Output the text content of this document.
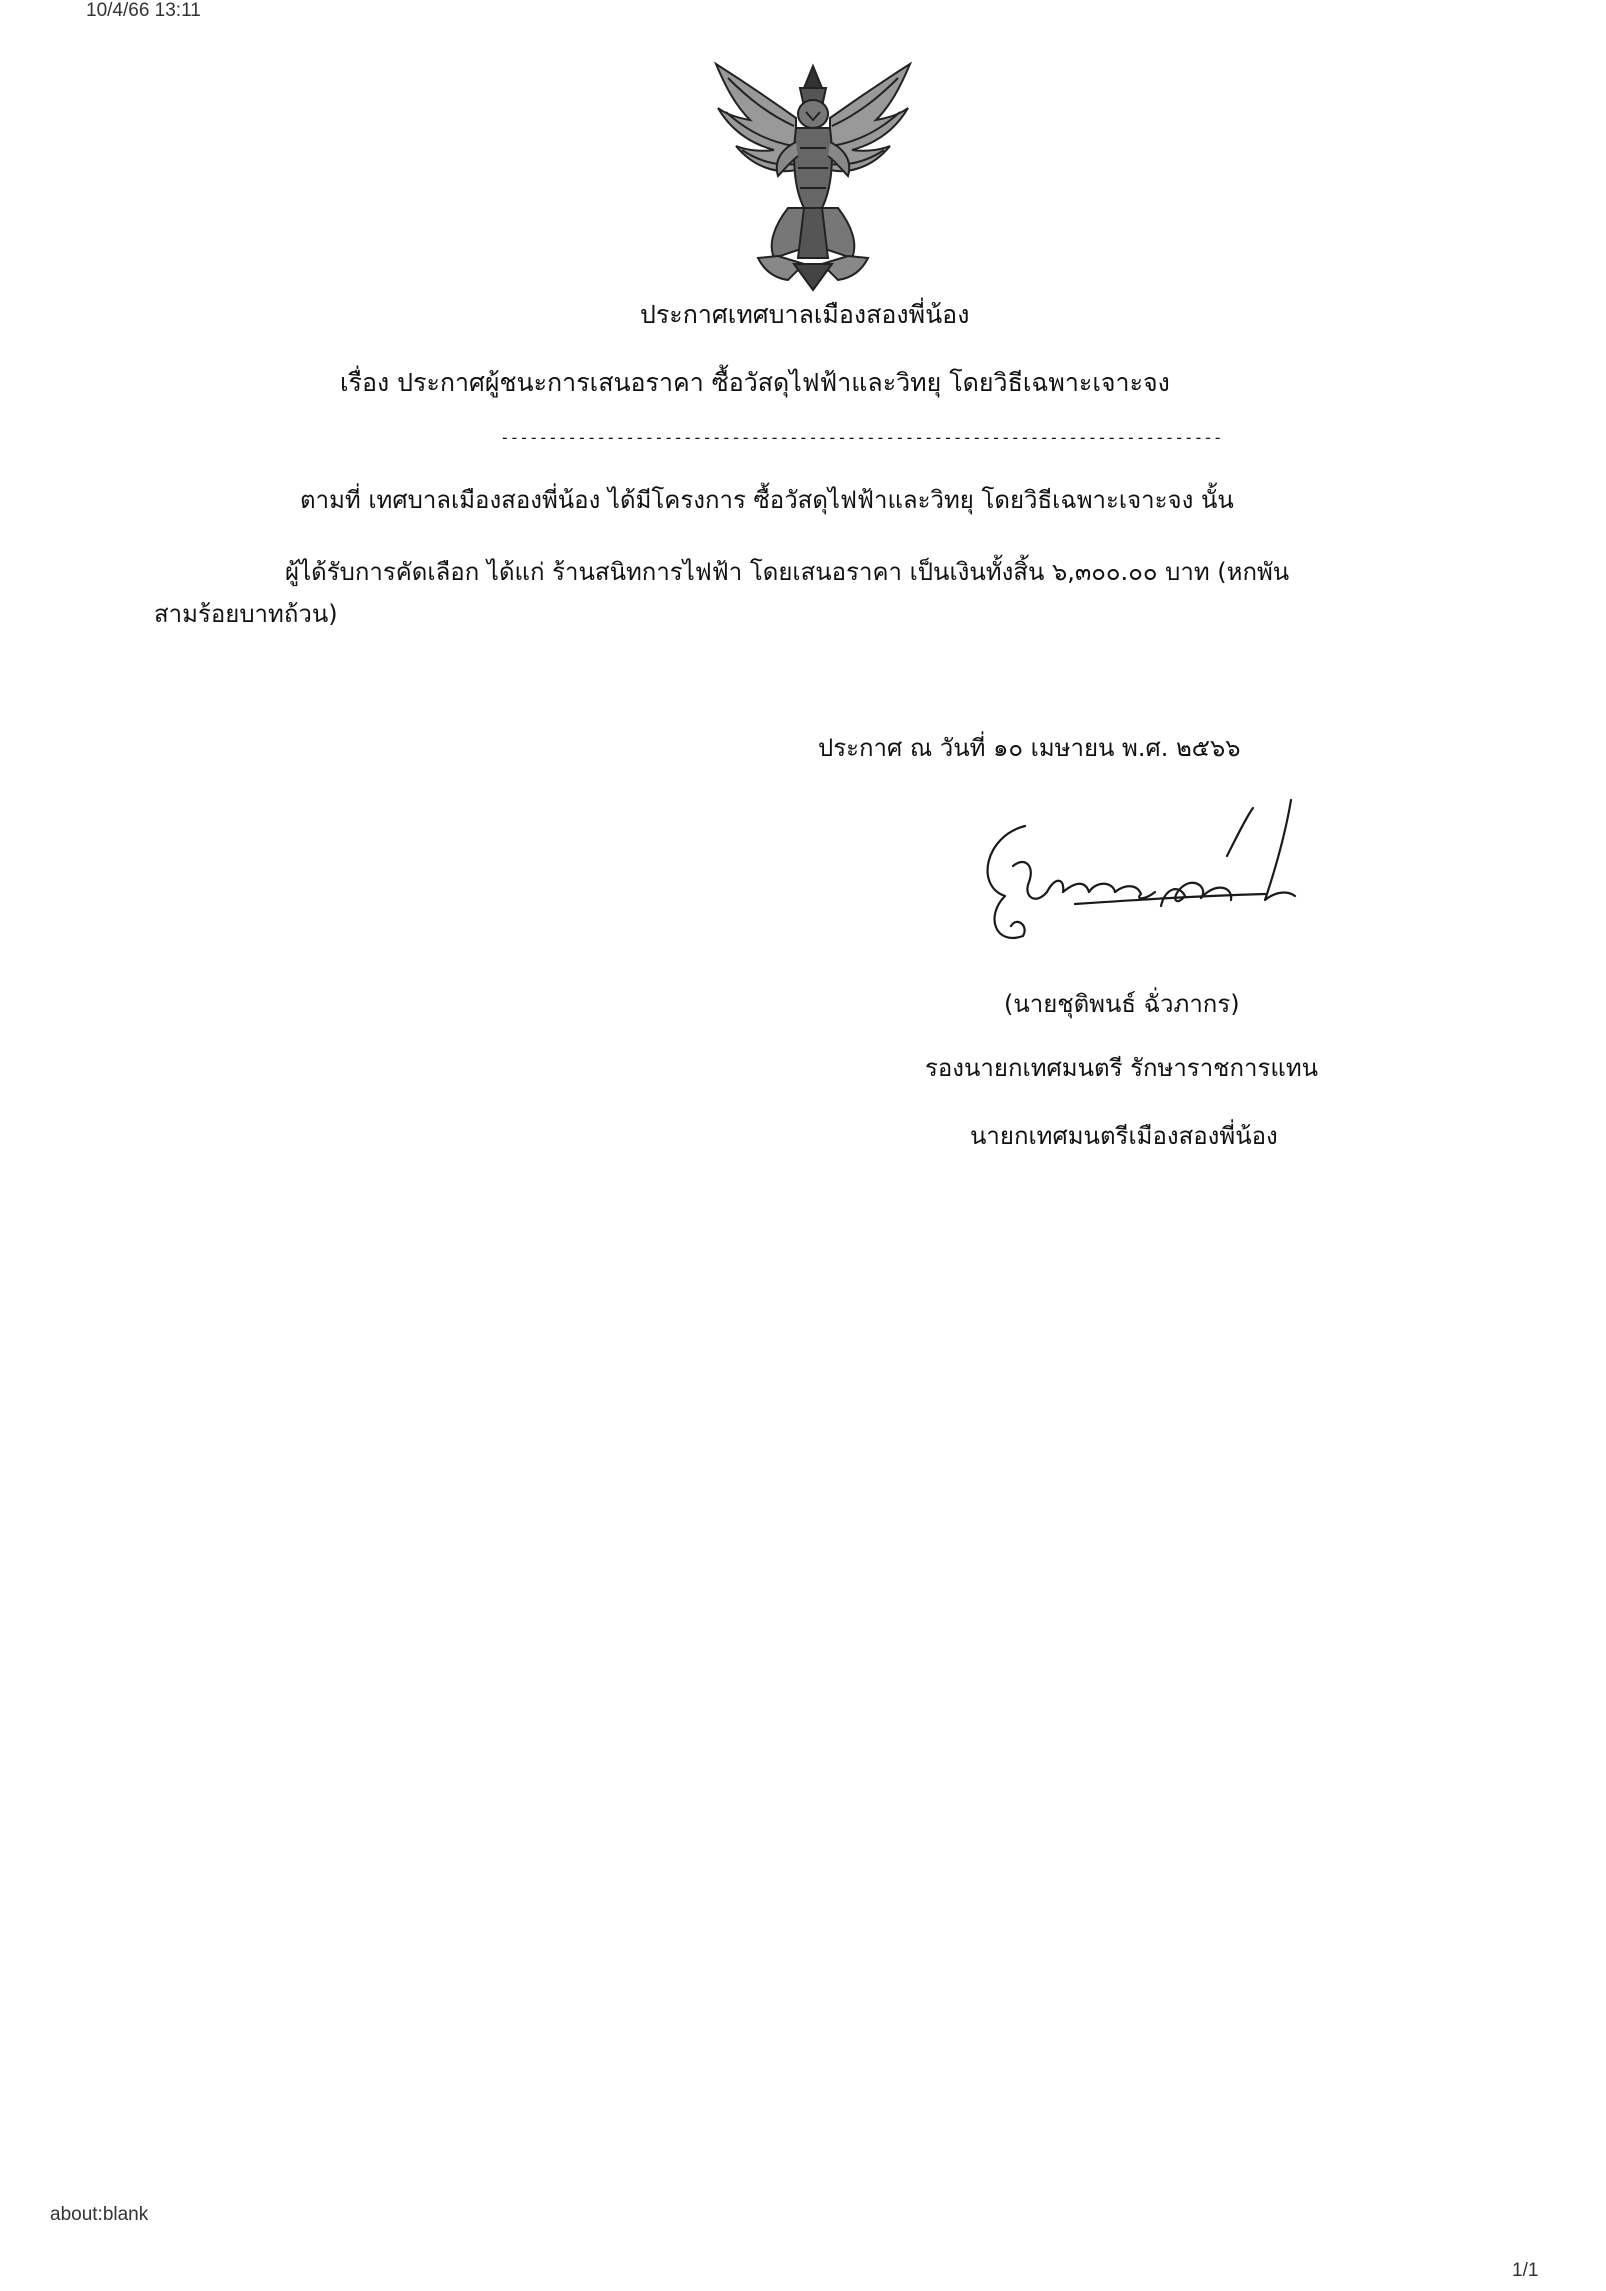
10/4/66 13:11
ประกาศเทศบาลเมืองสองพี่น้อง
เรื่อง ประกาศผู้ชนะการเสนอราคา ซื้อวัสดุไฟฟ้าและวิทยุ โดยวิธีเฉพาะเจาะจง
---------------------------------------------------------------------------
ตามที่ เทศบาลเมืองสองพี่น้อง ได้มีโครงการ ซื้อวัสดุไฟฟ้าและวิทยุ โดยวิธีเฉพาะเจาะจง นั้น
ผู้ได้รับการคัดเลือก ได้แก่ ร้านสนิทการไฟฟ้า โดยเสนอราคา เป็นเงินทั้งสิ้น ๖,๓๐๐.๐๐ บาท (หกพัน
สามร้อยบาทถ้วน)
ประกาศ ณ วันที่ ๑๐ เมษายน พ.ศ. ๒๕๖๖
(นายชุติพนธ์ ฉั่วภากร)
รองนายกเทศมนตรี รักษาราชการแทน
นายกเทศมนตรีเมืองสองพี่น้อง
about:blank
1/1
